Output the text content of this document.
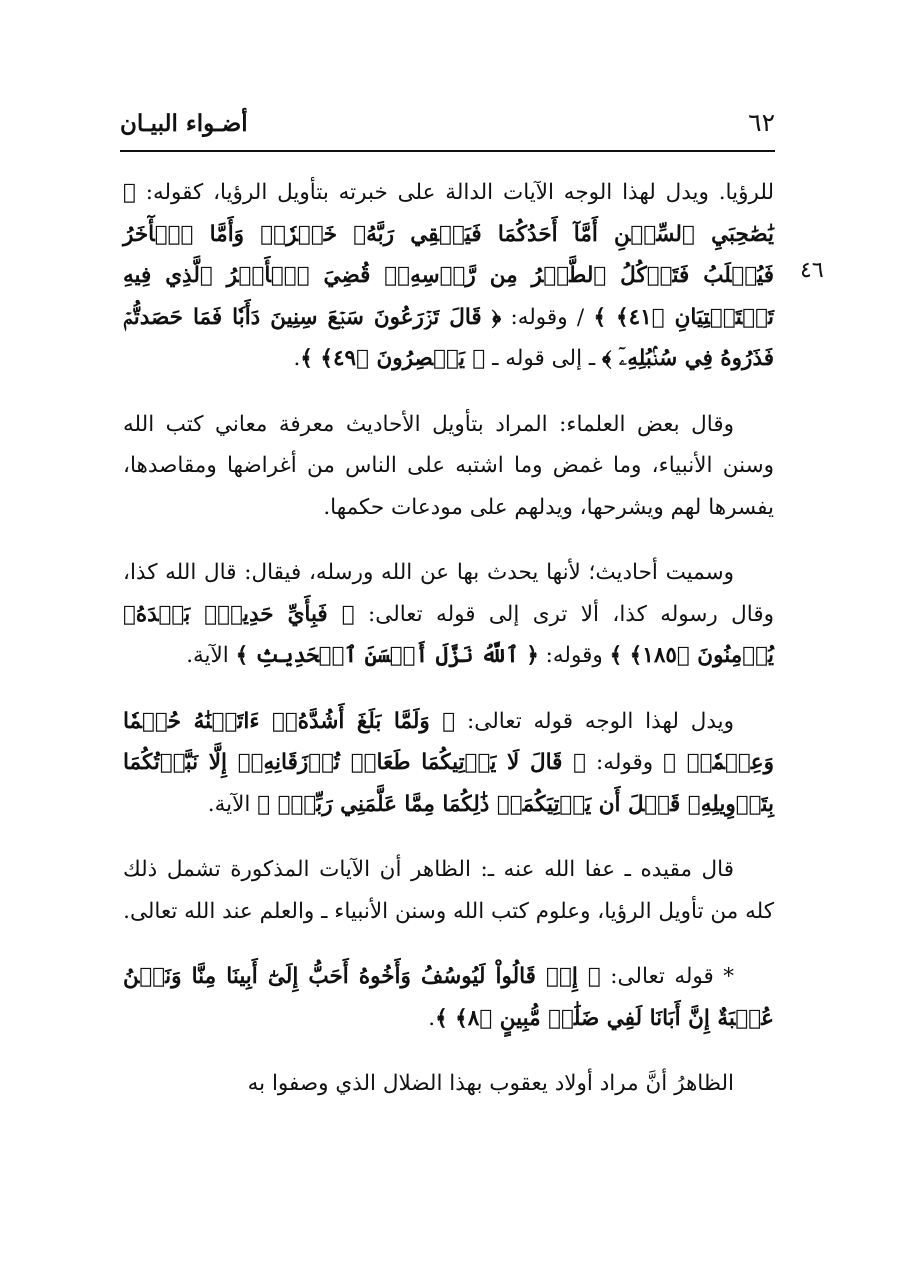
٦٢
أضـواء البيـان
٤٦

للرؤيا. ويدل لهذا الوجه الآيات الدالة على خبرته بتأويل الرؤيا، كقوله: ﴿ يَٰصَٰحِبَيِ ٱلسِّجۡنِ أَمَّآ أَحَدُكُمَا فَيَسۡقِي رَبَّهُۥ خَمۡرٗاۖ وَأَمَّا ٱلۡأٓخَرُ فَيُصۡلَبُ فَتَأۡكُلُ ٱلطَّيۡرُ مِن رَّأۡسِهِۦۚ قُضِيَ ٱلۡأَمۡرُ ٱلَّذِي فِيهِ تَسۡتَفۡتِيَانِ ﴿٤١﴾ ﴾ / وقوله: ﴿ قَالَ تَزۡرَعُونَ سَبۡعَ سِنِينَ دَأَبٗا فَمَا حَصَدتُّمۡ فَذَرُوهُ فِي سُنۢبُلِهِۦٓ ﴾ ـ إلى قوله ـ ﴿ يَعۡصِرُونَ ﴿٤٩﴾ ﴾.

وقال بعض العلماء: المراد بتأويل الأحاديث معرفة معاني كتب الله وسنن الأنبياء، وما غمض وما اشتبه على الناس من أغراضها ومقاصدها، يفسرها لهم ويشرحها، ويدلهم على مودعات حكمها.

وسميت أحاديث؛ لأنها يحدث بها عن الله ورسله، فيقال: قال الله كذا، وقال رسوله كذا، ألا ترى إلى قوله تعالى: ﴿ فَبِأَيِّ حَدِيثِۭ بَعۡدَهُۥ يُؤۡمِنُونَ ﴿١٨٥﴾ ﴾ وقوله: ﴿ ٱللَّهُ نَزَّلَ أَحۡسَنَ ٱلۡحَدِيثِ ﴾ الآية.

ويدل لهذا الوجه قوله تعالى: ﴿ وَلَمَّا بَلَغَ أَشُدَّهُۥٓ ءَاتَيۡنَٰهُ حُكۡمٗا وَعِلۡمٗاۚ ﴾ وقوله: ﴿ قَالَ لَا يَأۡتِيكُمَا طَعَامٞ تُرۡزَقَانِهِۦٓ إِلَّا نَبَّأۡتُكُمَا بِتَأۡوِيلِهِۦ قَبۡلَ أَن يَأۡتِيَكُمَاۚ ذَٰلِكُمَا مِمَّا عَلَّمَنِي رَبِّيٓۚ ﴾ الآية.

قال مقيده ـ عفا الله عنه ـ: الظاهر أن الآيات المذكورة تشمل ذلك كله من تأويل الرؤيا، وعلوم كتب الله وسنن الأنبياء ـ والعلم عند الله تعالى.

* قوله تعالى: ﴿ إِذۡ قَالُواْ لَيُوسُفُ وَأَخُوهُ أَحَبُّ إِلَىٰٓ أَبِينَا مِنَّا وَنَحۡنُ عُصۡبَةٌ إِنَّ أَبَانَا لَفِي ضَلَٰلٖ مُّبِينٍ ﴿٨﴾ ﴾.

الظاهرُ أنَّ مراد أولاد يعقوب بهذا الضلال الذي وصفوا به
